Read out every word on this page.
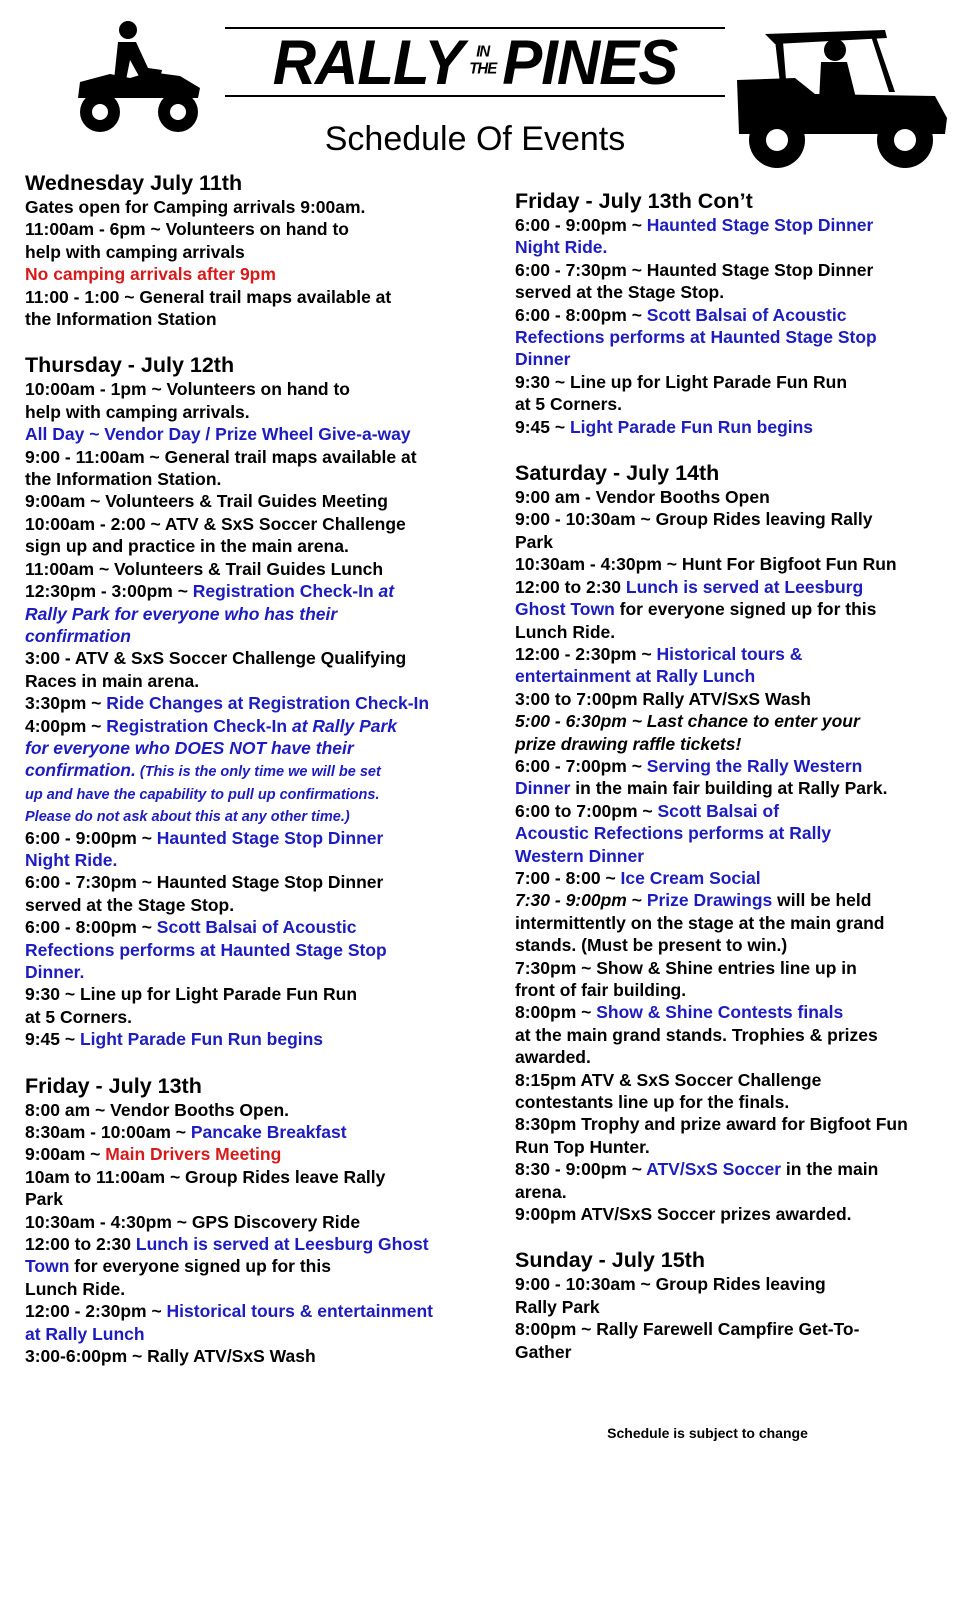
RALLY IN
THE PINES
Schedule Of Events
Wednesday July 11th
Gates open for Camping arrivals 9:00am.
11:00am - 6pm ~ Volunteers on hand to
help with camping arrivals
No camping arrivals after 9pm
11:00 - 1:00 ~ General trail maps available at
the Information Station
Thursday - July 12th
10:00am - 1pm ~ Volunteers on hand to
help with camping arrivals.
All Day ~ Vendor Day / Prize Wheel Give-a-way
9:00 - 11:00am ~ General trail maps available at
the Information Station.
9:00am ~ Volunteers & Trail Guides Meeting
10:00am - 2:00 ~ ATV & SxS Soccer Challenge
sign up and practice in the main arena.
11:00am ~ Volunteers & Trail Guides Lunch
12:30pm - 3:00pm ~ Registration Check-In at
Rally Park for everyone who has their
confirmation
3:00 - ATV & SxS Soccer Challenge Qualifying
Races in main arena.
3:30pm ~ Ride Changes at Registration Check-In
4:00pm ~ Registration Check-In at Rally Park
for everyone who DOES NOT have their
confirmation. (This is the only time we will be set
up and have the capability to pull up confirmations.
Please do not ask about this at any other time.)
6:00 - 9:00pm ~ Haunted Stage Stop Dinner
Night Ride.
6:00 - 7:30pm ~ Haunted Stage Stop Dinner
served at the Stage Stop.
6:00 - 8:00pm ~ Scott Balsai of Acoustic
Refections performs at Haunted Stage Stop
Dinner.
9:30 ~ Line up for Light Parade Fun Run
at 5 Corners.
9:45 ~ Light Parade Fun Run begins
Friday - July 13th
8:00 am ~ Vendor Booths Open.
8:30am - 10:00am ~ Pancake Breakfast
9:00am ~ Main Drivers Meeting
10am to 11:00am ~ Group Rides leave Rally
Park
10:30am - 4:30pm ~ GPS Discovery Ride
12:00 to 2:30 Lunch is served at Leesburg Ghost
Town for everyone signed up for this
Lunch Ride.
12:00 - 2:30pm ~ Historical tours & entertainment
at Rally Lunch
3:00-6:00pm ~ Rally ATV/SxS Wash
Friday - July 13th Con’t
6:00 - 9:00pm ~ Haunted Stage Stop Dinner
Night Ride.
6:00 - 7:30pm ~ Haunted Stage Stop Dinner
served at the Stage Stop.
6:00 - 8:00pm ~ Scott Balsai of Acoustic
Refections performs at Haunted Stage Stop
Dinner
9:30 ~ Line up for Light Parade Fun Run
at 5 Corners.
9:45 ~ Light Parade Fun Run begins
Saturday - July 14th
9:00 am - Vendor Booths Open
9:00 - 10:30am ~ Group Rides leaving Rally
Park
10:30am - 4:30pm ~ Hunt For Bigfoot Fun Run
12:00 to 2:30 Lunch is served at Leesburg
Ghost Town for everyone signed up for this
Lunch Ride.
12:00 - 2:30pm ~ Historical tours &
entertainment at Rally Lunch
3:00 to 7:00pm Rally ATV/SxS Wash
5:00 - 6:30pm ~ Last chance to enter your
prize drawing raffle tickets!
6:00 - 7:00pm ~ Serving the Rally Western
Dinner in the main fair building at Rally Park.
6:00 to 7:00pm ~ Scott Balsai of
Acoustic Refections performs at Rally
Western Dinner
7:00 - 8:00 ~ Ice Cream Social
7:30 - 9:00pm ~ Prize Drawings will be held
intermittently on the stage at the main grand
stands. (Must be present to win.)
7:30pm ~ Show & Shine entries line up in
front of fair building.
8:00pm ~ Show & Shine Contests finals
at the main grand stands. Trophies & prizes
awarded.
8:15pm ATV & SxS Soccer Challenge
contestants line up for the finals.
8:30pm Trophy and prize award for Bigfoot Fun
Run Top Hunter.
8:30 - 9:00pm ~ ATV/SxS Soccer in the main
arena.
9:00pm ATV/SxS Soccer prizes awarded.
Sunday - July 15th
9:00 - 10:30am ~ Group Rides leaving
Rally Park
8:00pm ~ Rally Farewell Campfire Get-To-
Gather
Schedule is subject to change
